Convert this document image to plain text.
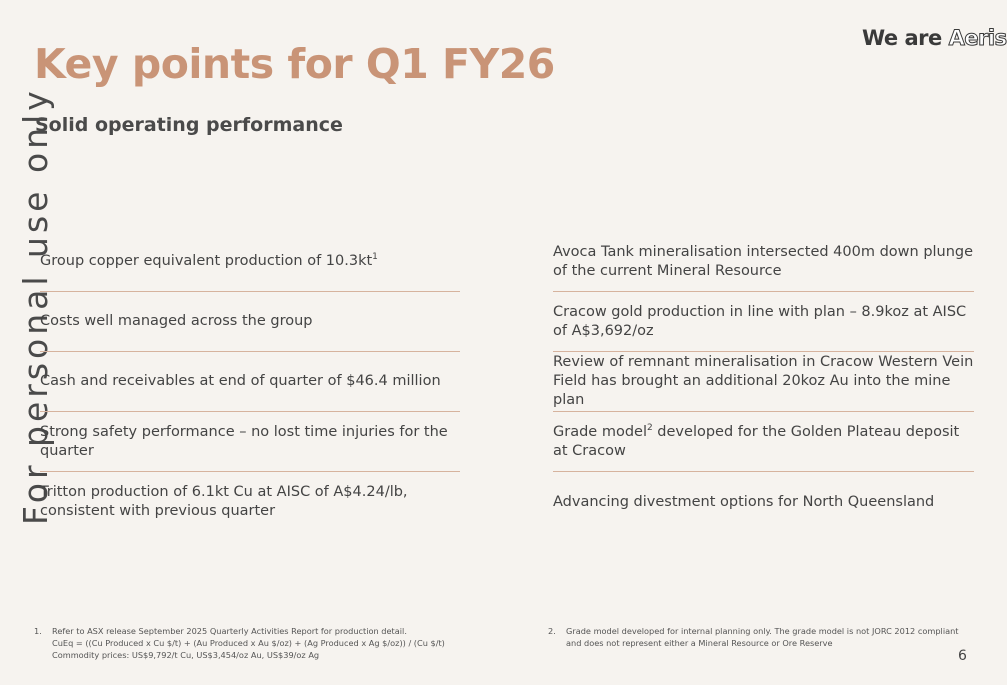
Key points for Q1 FY26
Solid operating performance
We are Aeris
For personal use only
Group copper equivalent production of $10.3kt^1$
Costs well managed across the group
Cash and receivables at end of quarter of $46.4 million
Strong safety performance – no lost time injuries for the quarter
Tritton production of 6.1kt Cu at AISC of A$4.24/lb, consistent with previous quarter
Avoca Tank mineralisation intersected 400m down plunge of the current Mineral Resource
Cracow gold production in line with plan – 8.9koz at AISC of A$3,692/oz
Review of remnant mineralisation in Cracow Western Vein Field has brought an additional 20koz Au into the mine plan
Grade model$^2$ developed for the Golden Plateau deposit at Cracow
Advancing divestment options for North Queensland
1.	Refer to ASX release September 2025 Quarterly Activities Report for production detail.
CuEq = ((Cu Produced x Cu $/t) + (Au Produced x Au $/oz) + (Ag Produced x Ag $/oz)) / (Cu $/t)
Commodity prices: US$9,792/t Cu, US$3,454/oz Au, US$39/oz Ag
2.	Grade model developed for internal planning only. The grade model is not JORC 2012 compliant and does not represent either a Mineral Resource or Ore Reserve
6
